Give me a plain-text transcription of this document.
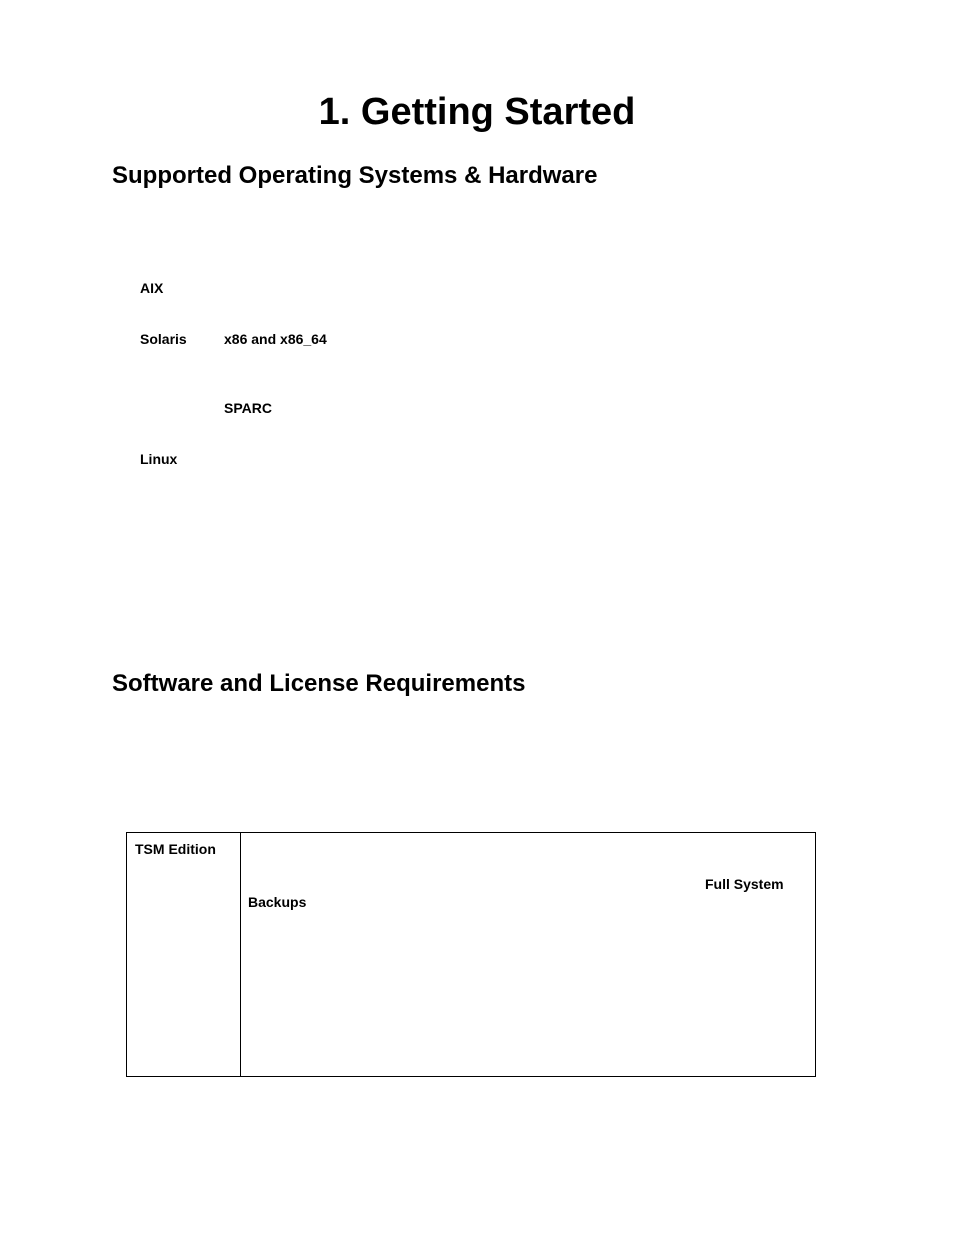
1. Getting Started
Supported Operating Systems & Hardware
AIX
Solaris	x86 and x86_64
SPARC
Linux
Software and License Requirements
TSM Edition
Full System
Backups
